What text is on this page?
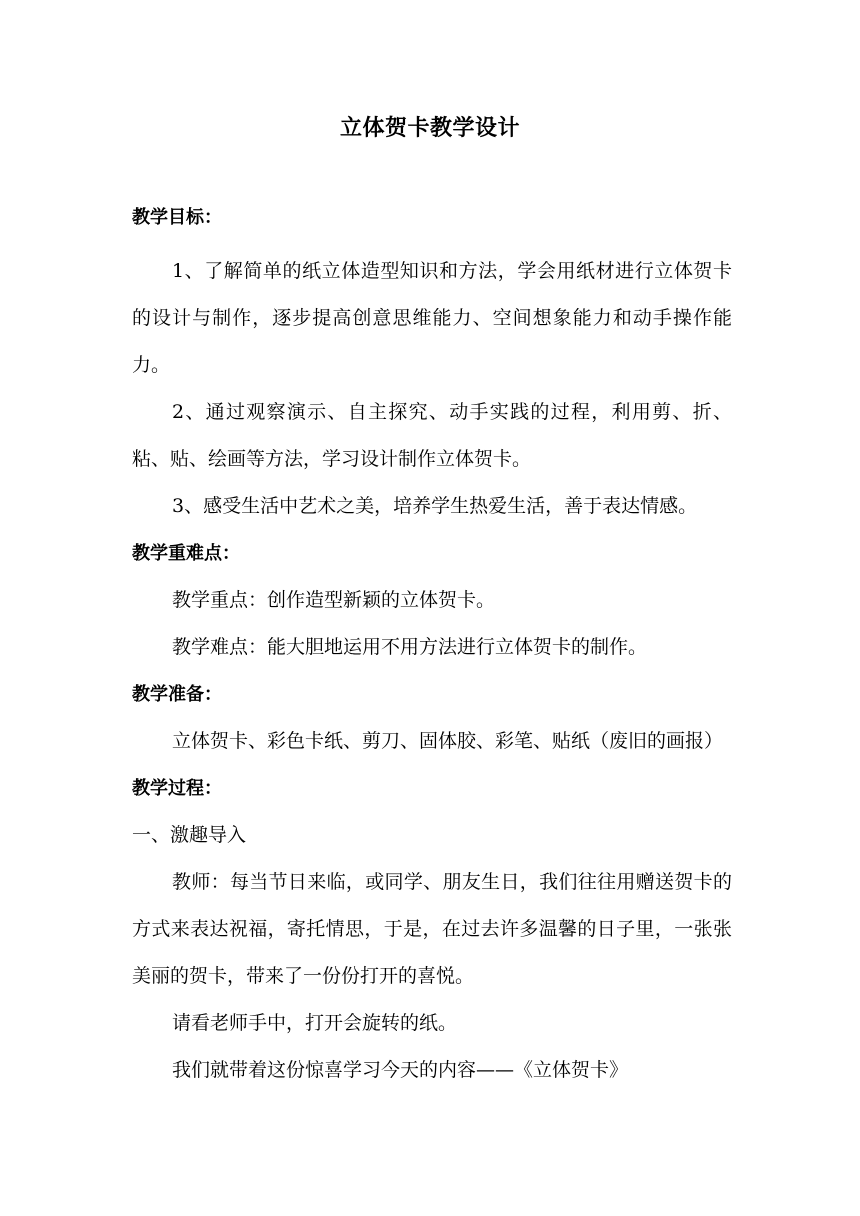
立体贺卡教学设计

教学目标：

1、了解简单的纸立体造型知识和方法，学会用纸材进行立体贺卡的设计与制作，逐步提高创意思维能力、空间想象能力和动手操作能力。

2、通过观察演示、自主探究、动手实践的过程，利用剪、折、粘、贴、绘画等方法，学习设计制作立体贺卡。

3、感受生活中艺术之美，培养学生热爱生活，善于表达情感。

教学重难点：

教学重点：创作造型新颖的立体贺卡。

教学难点：能大胆地运用不用方法进行立体贺卡的制作。

教学准备：

立体贺卡、彩色卡纸、剪刀、固体胶、彩笔、贴纸（废旧的画报）

教学过程：

一、激趣导入

教师：每当节日来临，或同学、朋友生日，我们往往用赠送贺卡的方式来表达祝福，寄托情思，于是，在过去许多温馨的日子里，一张张美丽的贺卡，带来了一份份打开的喜悦。

请看老师手中，打开会旋转的纸。

我们就带着这份惊喜学习今天的内容——《立体贺卡》
